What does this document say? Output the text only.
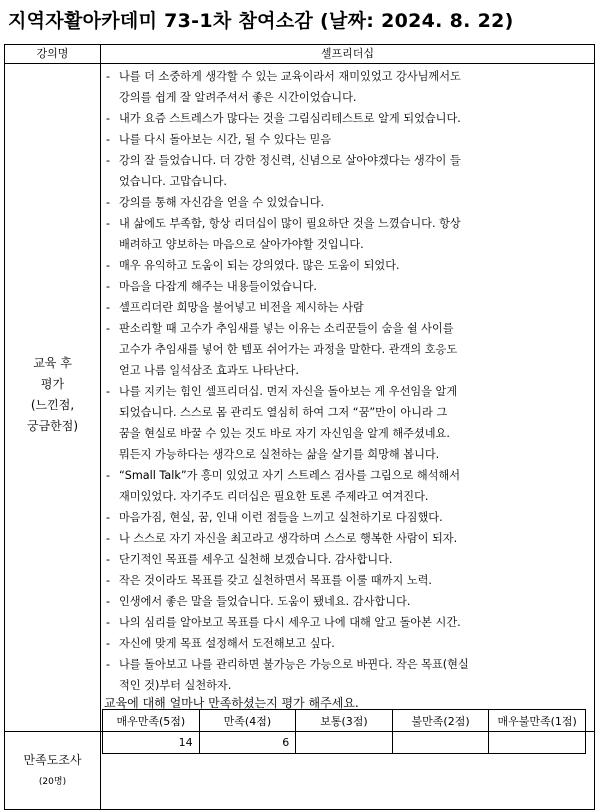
지역자활아카데미 73-1차 참여소감 (날짜: 2024. 8. 22)
강의명	셀프리더십
교육 후
평가
(느낀점,
궁금한점)
- 나를 더 소중하게 생각할 수 있는 교육이라서 재미있었고 강사님께서도
강의를 쉽게 잘 알려주셔서 좋은 시간이었습니다.
- 내가 요즘 스트레스가 많다는 것을 그림심리테스트로 알게 되었습니다.
- 나를 다시 돌아보는 시간, 될 수 있다는 믿음
- 강의 잘 들었습니다. 더 강한 정신력, 신념으로 살아야겠다는 생각이 들
었습니다. 고맙습니다.
- 강의를 통해 자신감을 얻을 수 있었습니다.
- 내 삶에도 부족함, 항상 리더십이 많이 필요하단 것을 느꼈습니다. 항상
배려하고 양보하는 마음으로 살아가야할 것입니다.
- 매우 유익하고 도움이 되는 강의였다. 많은 도움이 되었다.
- 마음을 다잡게 해주는 내용들이었습니다.
- 셀프리더란 희망을 불어넣고 비전을 제시하는 사람
- 판소리할 때 고수가 추임새를 넣는 이유는 소리꾼들이 숨을 쉴 사이를
고수가 추임새를 넣어 한 템포 쉬어가는 과정을 말한다. 관객의 호응도
얻고 나름 일석삼조 효과도 나타난다.
- 나를 지키는 힘인 셀프리더십. 먼저 자신을 돌아보는 게 우선임을 알게
되었습니다. 스스로 몸 관리도 열심히 하여 그저 “꿈”만이 아니라 그
꿈을 현실로 바꿀 수 있는 것도 바로 자기 자신임을 알게 해주셨네요.
뭐든지 가능하다는 생각으로 실천하는 삶을 살기를 희망해 봅니다.
- “Small Talk”가 흥미 있었고 자기 스트레스 검사를 그림으로 해석해서
재미있었다. 자기주도 리더십은 필요한 토론 주제라고 여겨진다.
- 마음가짐, 현실, 꿈, 인내 이런 점들을 느끼고 실천하기로 다짐했다.
- 나 스스로 자기 자신을 최고라고 생각하며 스스로 행복한 사람이 되자.
- 단기적인 목표를 세우고 실천해 보겠습니다. 감사합니다.
- 작은 것이라도 목표를 갖고 실천하면서 목표를 이룰 때까지 노력.
- 인생에서 좋은 말을 들었습니다. 도움이 됐네요. 감사합니다.
- 나의 심리를 알아보고 목표를 다시 세우고 나에 대해 알고 돌아본 시간.
- 자신에 맞게 목표 설정해서 도전해보고 싶다.
- 나를 돌아보고 나를 관리하면 불가능은 가능으로 바뀐다. 작은 목표(현실
적인 것)부터 실천하자.
만족도조사
(20명)
교육에 대해 얼마나 만족하셨는지 평가 해주세요.
매우만족(5점)	만족(4점)	보통(3점)	불만족(2점)	매우불만족(1점)
14	6			
